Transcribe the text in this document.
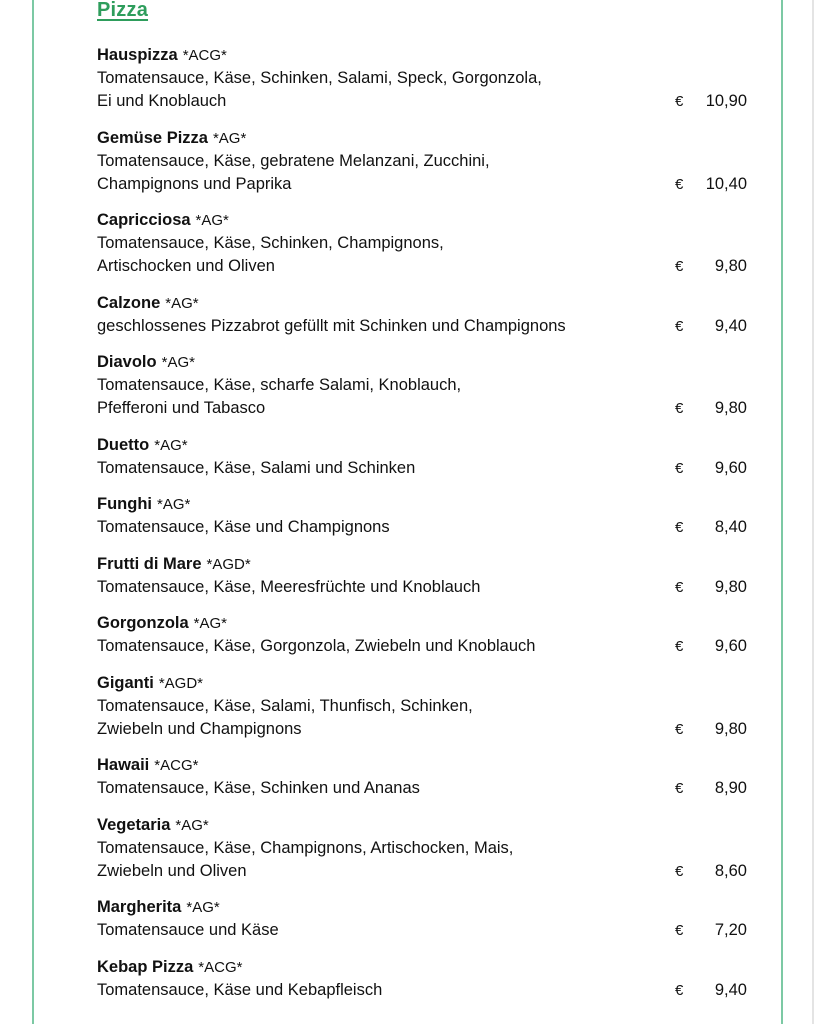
Pizza
Hauspizza *ACG*
Tomatensauce, Käse, Schinken, Salami, Speck, Gorgonzola,
Ei und Knoblauch	€ 10,90
Gemüse Pizza *AG*
Tomatensauce, Käse, gebratene Melanzani, Zucchini,
Champignons und Paprika	€ 10,40
Capricciosa *AG*
Tomatensauce, Käse, Schinken, Champignons,
Artischocken und Oliven	€ 9,80
Calzone *AG*
geschlossenes Pizzabrot gefüllt mit Schinken und Champignons	€ 9,40
Diavolo *AG*
Tomatensauce, Käse, scharfe Salami, Knoblauch,
Pfefferoni und Tabasco	€ 9,80
Duetto *AG*
Tomatensauce, Käse, Salami und Schinken	€ 9,60
Funghi *AG*
Tomatensauce, Käse und Champignons	€ 8,40
Frutti di Mare *AGD*
Tomatensauce, Käse, Meeresfrüchte und Knoblauch	€ 9,80
Gorgonzola *AG*
Tomatensauce, Käse, Gorgonzola, Zwiebeln und Knoblauch	€ 9,60
Giganti *AGD*
Tomatensauce, Käse, Salami, Thunfisch, Schinken,
Zwiebeln und Champignons	€ 9,80
Hawaii *ACG*
Tomatensauce, Käse, Schinken und Ananas	€ 8,90
Vegetaria *AG*
Tomatensauce, Käse, Champignons, Artischocken, Mais,
Zwiebeln und Oliven	€ 8,60
Margherita *AG*
Tomatensauce und Käse	€ 7,20
Kebap Pizza *ACG*
Tomatensauce, Käse und Kebapfleisch	€ 9,40
